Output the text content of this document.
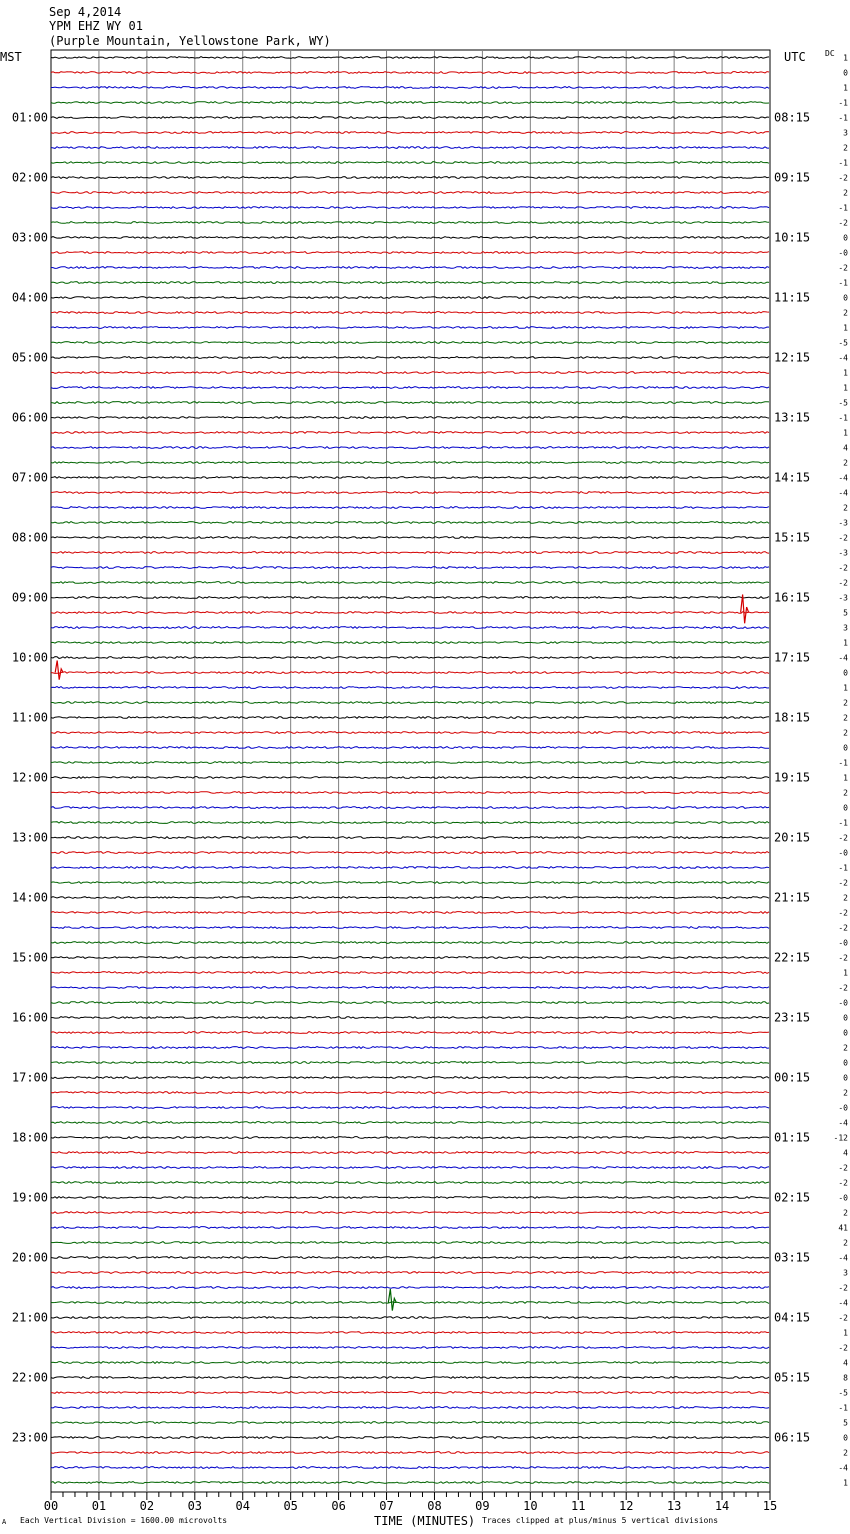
Sep 4,2014
YPM EHZ WY 01
(Purple Mountain, Yellowstone Park, WY)
MST	UTC DC 1
0
1
-1
-1
3
2
-1
-2
2
-1
-2
0
-0
-2
-1
0
2
1
-5
-4
1
1
-5
-1
1
4
2
-4
-4
2
-3
-2
-3
-2
-2
-3
5
3
1
-4
0
1
2
2
2
0
-1
1
2
0
-1
-2
-0
-1
-2
2
-2
-2
-0
-2
1
-2
-0
0
0
2
0
0
2
-0
-4
-12
4
-2
-2
-0
2
41
2
-4
3
-2
-4
-2
1
-2
4
8
-5
-1
5
0
2
-4
1
01:00
02:00
03:00
04:00
05:00
06:00
07:00
08:00
09:00
10:00
11:00
12:00
13:00
14:00
15:00
16:00
17:00
18:00
19:00
20:00
21:00
22:00
23:00
08:15
09:15
10:15
11:15
12:15
13:15
14:15
15:15
16:15
17:15
18:15
19:15
20:15
21:15
22:15
23:15
00:15
01:15
02:15
03:15
04:15
05:15
06:15
00	01	02	03	04	05	06	07	08	09	10	11	12	13	14	15
A Each Vertical Division = 1600.00 microvolts	TIME (MINUTES) Traces clipped at plus/minus 5 vertical divisions
